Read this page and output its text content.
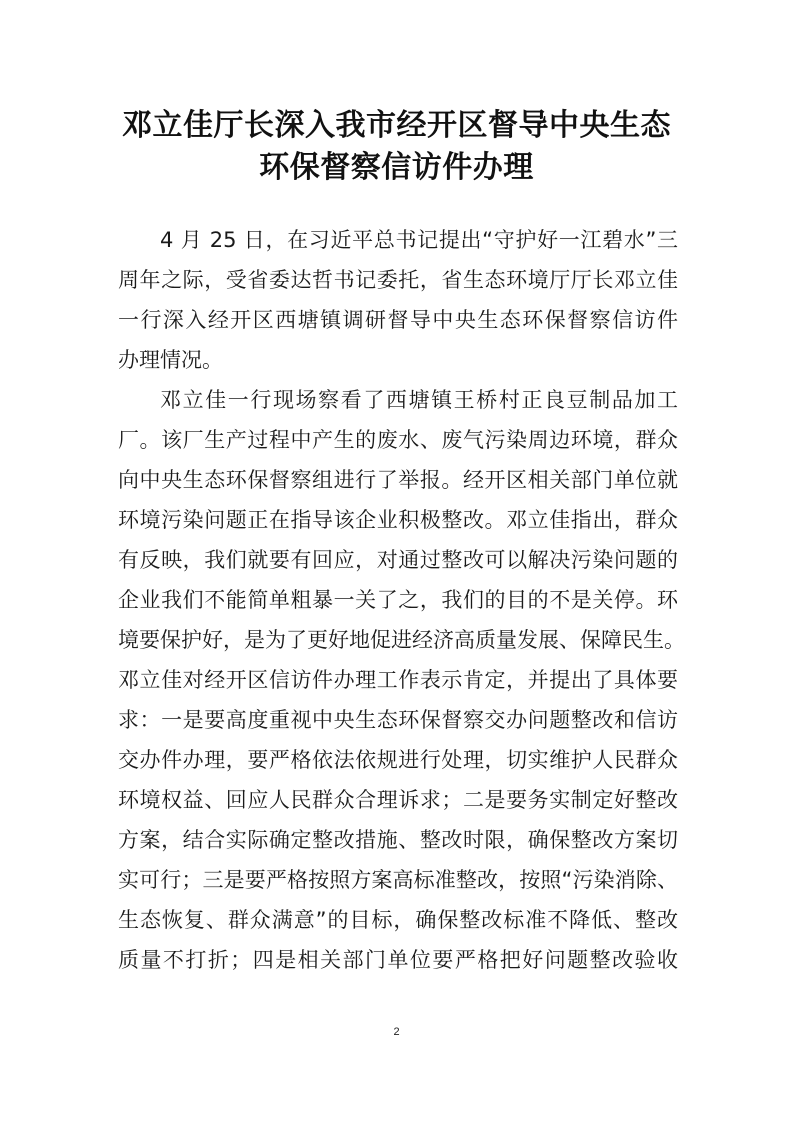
邓立佳厅长深入我市经开区督导中央生态
环保督察信访件办理
4 月 25 日，在习近平总书记提出“守护好一江碧水”三
周年之际，受省委达哲书记委托，省生态环境厅厅长邓立佳
一行深入经开区西塘镇调研督导中央生态环保督察信访件
办理情况。
邓立佳一行现场察看了西塘镇王桥村正良豆制品加工
厂。该厂生产过程中产生的废水、废气污染周边环境，群众
向中央生态环保督察组进行了举报。经开区相关部门单位就
环境污染问题正在指导该企业积极整改。邓立佳指出，群众
有反映，我们就要有回应，对通过整改可以解决污染问题的
企业我们不能简单粗暴一关了之，我们的目的不是关停。环
境要保护好，是为了更好地促进经济高质量发展、保障民生。
邓立佳对经开区信访件办理工作表示肯定，并提出了具体要
求：一是要高度重视中央生态环保督察交办问题整改和信访
交办件办理，要严格依法依规进行处理，切实维护人民群众
环境权益、回应人民群众合理诉求；二是要务实制定好整改
方案，结合实际确定整改措施、整改时限，确保整改方案切
实可行；三是要严格按照方案高标准整改，按照“污染消除、
生态恢复、群众满意”的目标，确保整改标准不降低、整改
质量不打折；四是相关部门单位要严格把好问题整改验收
2
